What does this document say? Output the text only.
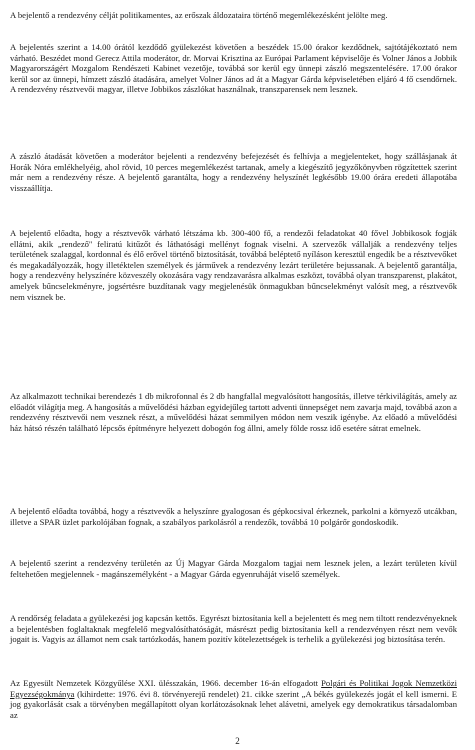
A bejelentő a rendezvény célját politikamentes, az erőszak áldozataira történő megemlékezésként jelölte meg.

A bejelentés szerint a 14.00 órától kezdődő gyülekezést követően a beszédek 15.00 órakor kezdődnek, sajtótájékoztató nem várható. Beszédet mond Gerecz Attila moderátor, dr. Morvai Krisztina az Európai Parlament képviselője és Volner János a Jobbik Magyarországért Mozgalom Rendészeti Kabinet vezetője, továbbá sor kerül egy ünnepi zászló megszentelésére. 17.00 órakor kerül sor az ünnepi, hímzett zászló átadására, amelyet Volner János ad át a Magyar Gárda képviseletében eljáró 4 fő csendőrnek. A rendezvény résztvevői magyar, illetve Jobbikos zászlókat használnak, transzparensek nem lesznek.

A zászló átadását követően a moderátor bejelenti a rendezvény befejezését és felhívja a megjelenteket, hogy szállásjanak át Horák Nóra emlékhelyéig, ahol rövid, 10 perces megemlékezést tartanak, amely a kiegészítő jegyzőkönyvben rögzítettek szerint már nem a rendezvény része. A bejelentő garantálta, hogy a rendezvény helyszínét legkésőbb 19.00 órára eredeti állapotába visszaállítja.

A bejelentő előadta, hogy a résztvevők várható létszáma kb. 300-400 fő, a rendezői feladatokat 40 fővel Jobbikosok fogják ellátni, akik „rendező" feliratú kitűzőt és láthatósági mellényt fognak viselni. A szervezők vállalják a rendezvény teljes területének szalaggal, kordonnal és élő erővel történő biztosítását, továbbá beléptető nyíláson keresztül engedik be a résztvevőket és megakadályozzák, hogy illetéktelen személyek és járművek a rendezvény lezárt területére bejussanak. A bejelentő garantálja, hogy a rendezvény helyszínére közveszély okozására vagy rendzavarásra alkalmas eszközt, továbbá olyan transzparenst, plakátot, amelyek bűncselekményre, jogsértésre buzdítanak vagy megjelenésük önmagukban bűncselekményt valósít meg, a résztvevők nem visznek be.

Az alkalmazott technikai berendezés 1 db mikrofonnal és 2 db hangfallal megvalósított hangosítás, illetve térkivilágítás, amely az előadót világítja meg. A hangosítás a művelődési házban egyidejűleg tartott adventi ünnepséget nem zavarja majd, továbbá azon a rendezvény résztvevői nem vesznek részt, a művelődési házat semmilyen módon nem veszik igénybe. Az előadó a művelődési ház hátsó részén található lépcsős építményre helyezett dobogón fog állni, amely földe rossz idő esetére sátrat emelnek.

A bejelentő előadta továbbá, hogy a résztvevők a helyszínre gyalogosan és gépkocsival érkeznek, parkolni a környező utcákban, illetve a SPAR üzlet parkolójában fognak, a szabályos parkolásról a rendezők, továbbá 10 polgárőr gondoskodik.

A bejelentő szerint a rendezvény területén az Új Magyar Gárda Mozgalom tagjai nem lesznek jelen, a lezárt területen kívül feltehetően megjelennek - magánszemélyként - a Magyar Gárda egyenruháját viselő személyek.

A rendőrség feladata a gyülekezési jog kapcsán kettős. Egyrészt biztosítania kell a bejelentett és meg nem tiltott rendezvényeknek a bejelentésben foglaltaknak megfelelő megvalósíthatóságát, másrészt pedig biztosítania kell a rendezvényen részt nem vevők jogait is. Vagyis az államot nem csak tartózkodás, hanem pozitív kötelezettségek is terhelik a gyülekezési jog biztosítása terén.

Az Egyesült Nemzetek Közgyűlése XXI. ülésszakán, 1966. december 16-án elfogadott Polgári és Politikai Jogok Nemzetközi Egyezségokmánya (kihirdette: 1976. évi 8. törvényerejű rendelet) 21. cikke szerint „A békés gyülekezés jogát el kell ismerni. E jog gyakorlását csak a törvényben megállapított olyan korlátozásoknak lehet alávetni, amelyek egy demokratikus társadalomban az

2
